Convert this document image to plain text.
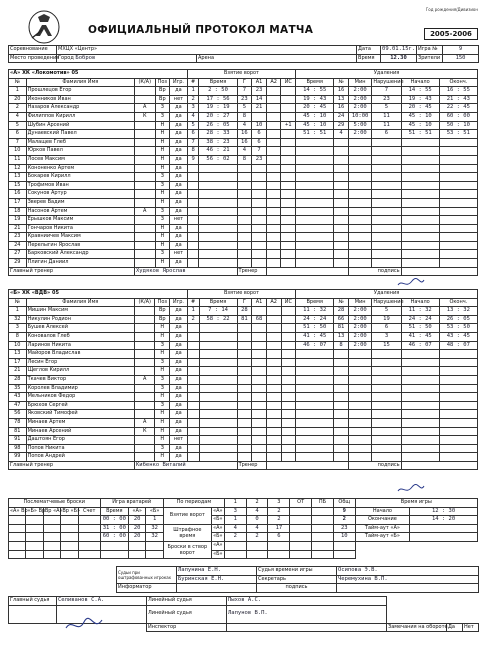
Год рождения/Дивизион
ОФИЦИАЛЬНЫЙ ПРОТОКОЛ МАТЧА	2005-2006
Соревнование	МХЦХ «Центр»		Дата	09.01.15г.	Игра №	9
Место проведения	Город Бобров	Арена	Время	12.30	Зрители	150
«А» ХК «Локомотив» 05					Взятие ворот						Удаления					
№	Фамилия Имя	(К/А)	Поз	Игр.	#	Время	Г	А1	А2	ИС	Время	№	Мин	Нарушение	Начало	Оконч.
1	Прошлецов Егор		Вр	да	1	2 : 50	7	23			14 : 55	16	2:00	7	14 : 55	16 : 55
20	Иконников Иван		Вр	нет	2	17 : 56	23	14			19 : 43	13	2:00	23	19 : 43	21 : 43
2	Назаров Александр	А	З	да	3	19 : 19	5	21			20 : 45	16	2:00	5	20 : 45	22 : 45
4	Филиппов Кирилл	К	З	да	4	20 : 27	8				45 : 10	24	10:00	11	45 : 10	60 : 00
5	Шубин Арсений		Н	да	5	26 : 05	4	10		+1	45 : 10	29	5:00	11	45 : 10	50 : 10
6	Дунаевский Павел		Н	да	6	28 : 33	16	6			51 : 51	4	2:00	6	51 : 51	53 : 51
7	Малащев Глеб		Н	да	7	38 : 23	16	6								
10	Юрков Павел		Н	да	8	46 : 21	4	7								
11	Лосев Максим		Н	да	9	56 : 02	8	23								
12	Кононенко Артем		Н	да												
13	Бокарев Кирилл		З	да												
15	Трофимов Иван		З	да												
16	Сокунов Артур		Н	да												
17	Зверев Вадим		Н	да												
18	Насонов Артем	А	З	да												
19	Ерышков Максим		З	нет												
21	Гончаров Никита		Н	да												
23	Кравниичев Максим		Н	да												
24	Перелыгин Ярослав		Н	да												
27	Барковский Александр		З	нет												
29	Плигин Даниил		Н	да												
Главный тренер		Худяков Ярослав					Тренер						подпись			
«Б» ХК «ВДВ» 05					Взятие ворот						Удаления					
№	Фамилия Имя	(К/А)	Поз	Игр.	#	Время	Г	А1	А2	ИС	Время	№	Мин	Нарушение	Начало	Оконч.
1	Мишин Максим		Вр	да	1	7 : 14	28				11 : 32	28	2:00	5	11 : 32	13 : 32
32	Никулин Родион		Вр	да	2	58 : 22	81	68			24 : 24	66	2:00	19	24 : 24	26 : 05
3	Бушев Алексей		Н	да							51 : 50	81	2:00	6	51 : 50	53 : 50
8	Коновалов Глеб		Н	да							41 : 45	13	2:00	3	41 : 45	43 : 45
10	Ларинов Никита		З	да							46 : 07	8	2:00	15	46 : 07	48 : 07
13	Майоров Владислав		Н	да												
17	Лесин Егор		З	да												
21	Щеглов Кирилл		Н	да												
28	Ткачев Виктор	А	З	да												
35	Королев Владимир		З	да												
43	Мельников Федор		Н	да												
47	Брюхов Сергей		З	да												
56	Яковский Тимофей		Н	да												
78	Минаев Артем	А	Н	да												
81	Минаев Арсений	К	Н	да												
91	Даштоян Егор		Н	нет												
98	Попов Никита		З	да												
99	Попов Андрей		Н	да												
Главный тренер		Кибенко Виталий					Тренер						подпись			
Послематчевые броски					Игра вратарей			По периодам		1	2	3	ОТ	ПБ	Общ	Время игры	
«А» Вр	«Б» Вр	Вр «А»	Вр «Б»	Счет	Время	«А»	«Б»	Взятие ворот	«А»	3	4	2			9	Начало	12 : 30
					00 : 00	20	1		«Б»	1	0	2			2	Окончание	14 : 20
					31 : 00	20	32	Штрафное время	«А»	4	4	17			23	Тайм-аут «А»	
					60 : 00	20	32		«Б»	2	2	6			10	Тайм-аут «Б»	
								Броски в створ ворот	«А»								
									«Б»								
Судьи при оштрафованных игроках	Лапунина Е.Н.	Судья времени игры	Осипова Э.В.
	Буринская Е.Н.	Секретарь	Черемухина В.П.
Информатор		подпись	
Главный судья	Селиванов С.А.	Линейный судья	Пыхов А.С.			
		Линейный судья	Лапунов В.П.			
		Инспектор		Замечания на обороте	Да	Нет
